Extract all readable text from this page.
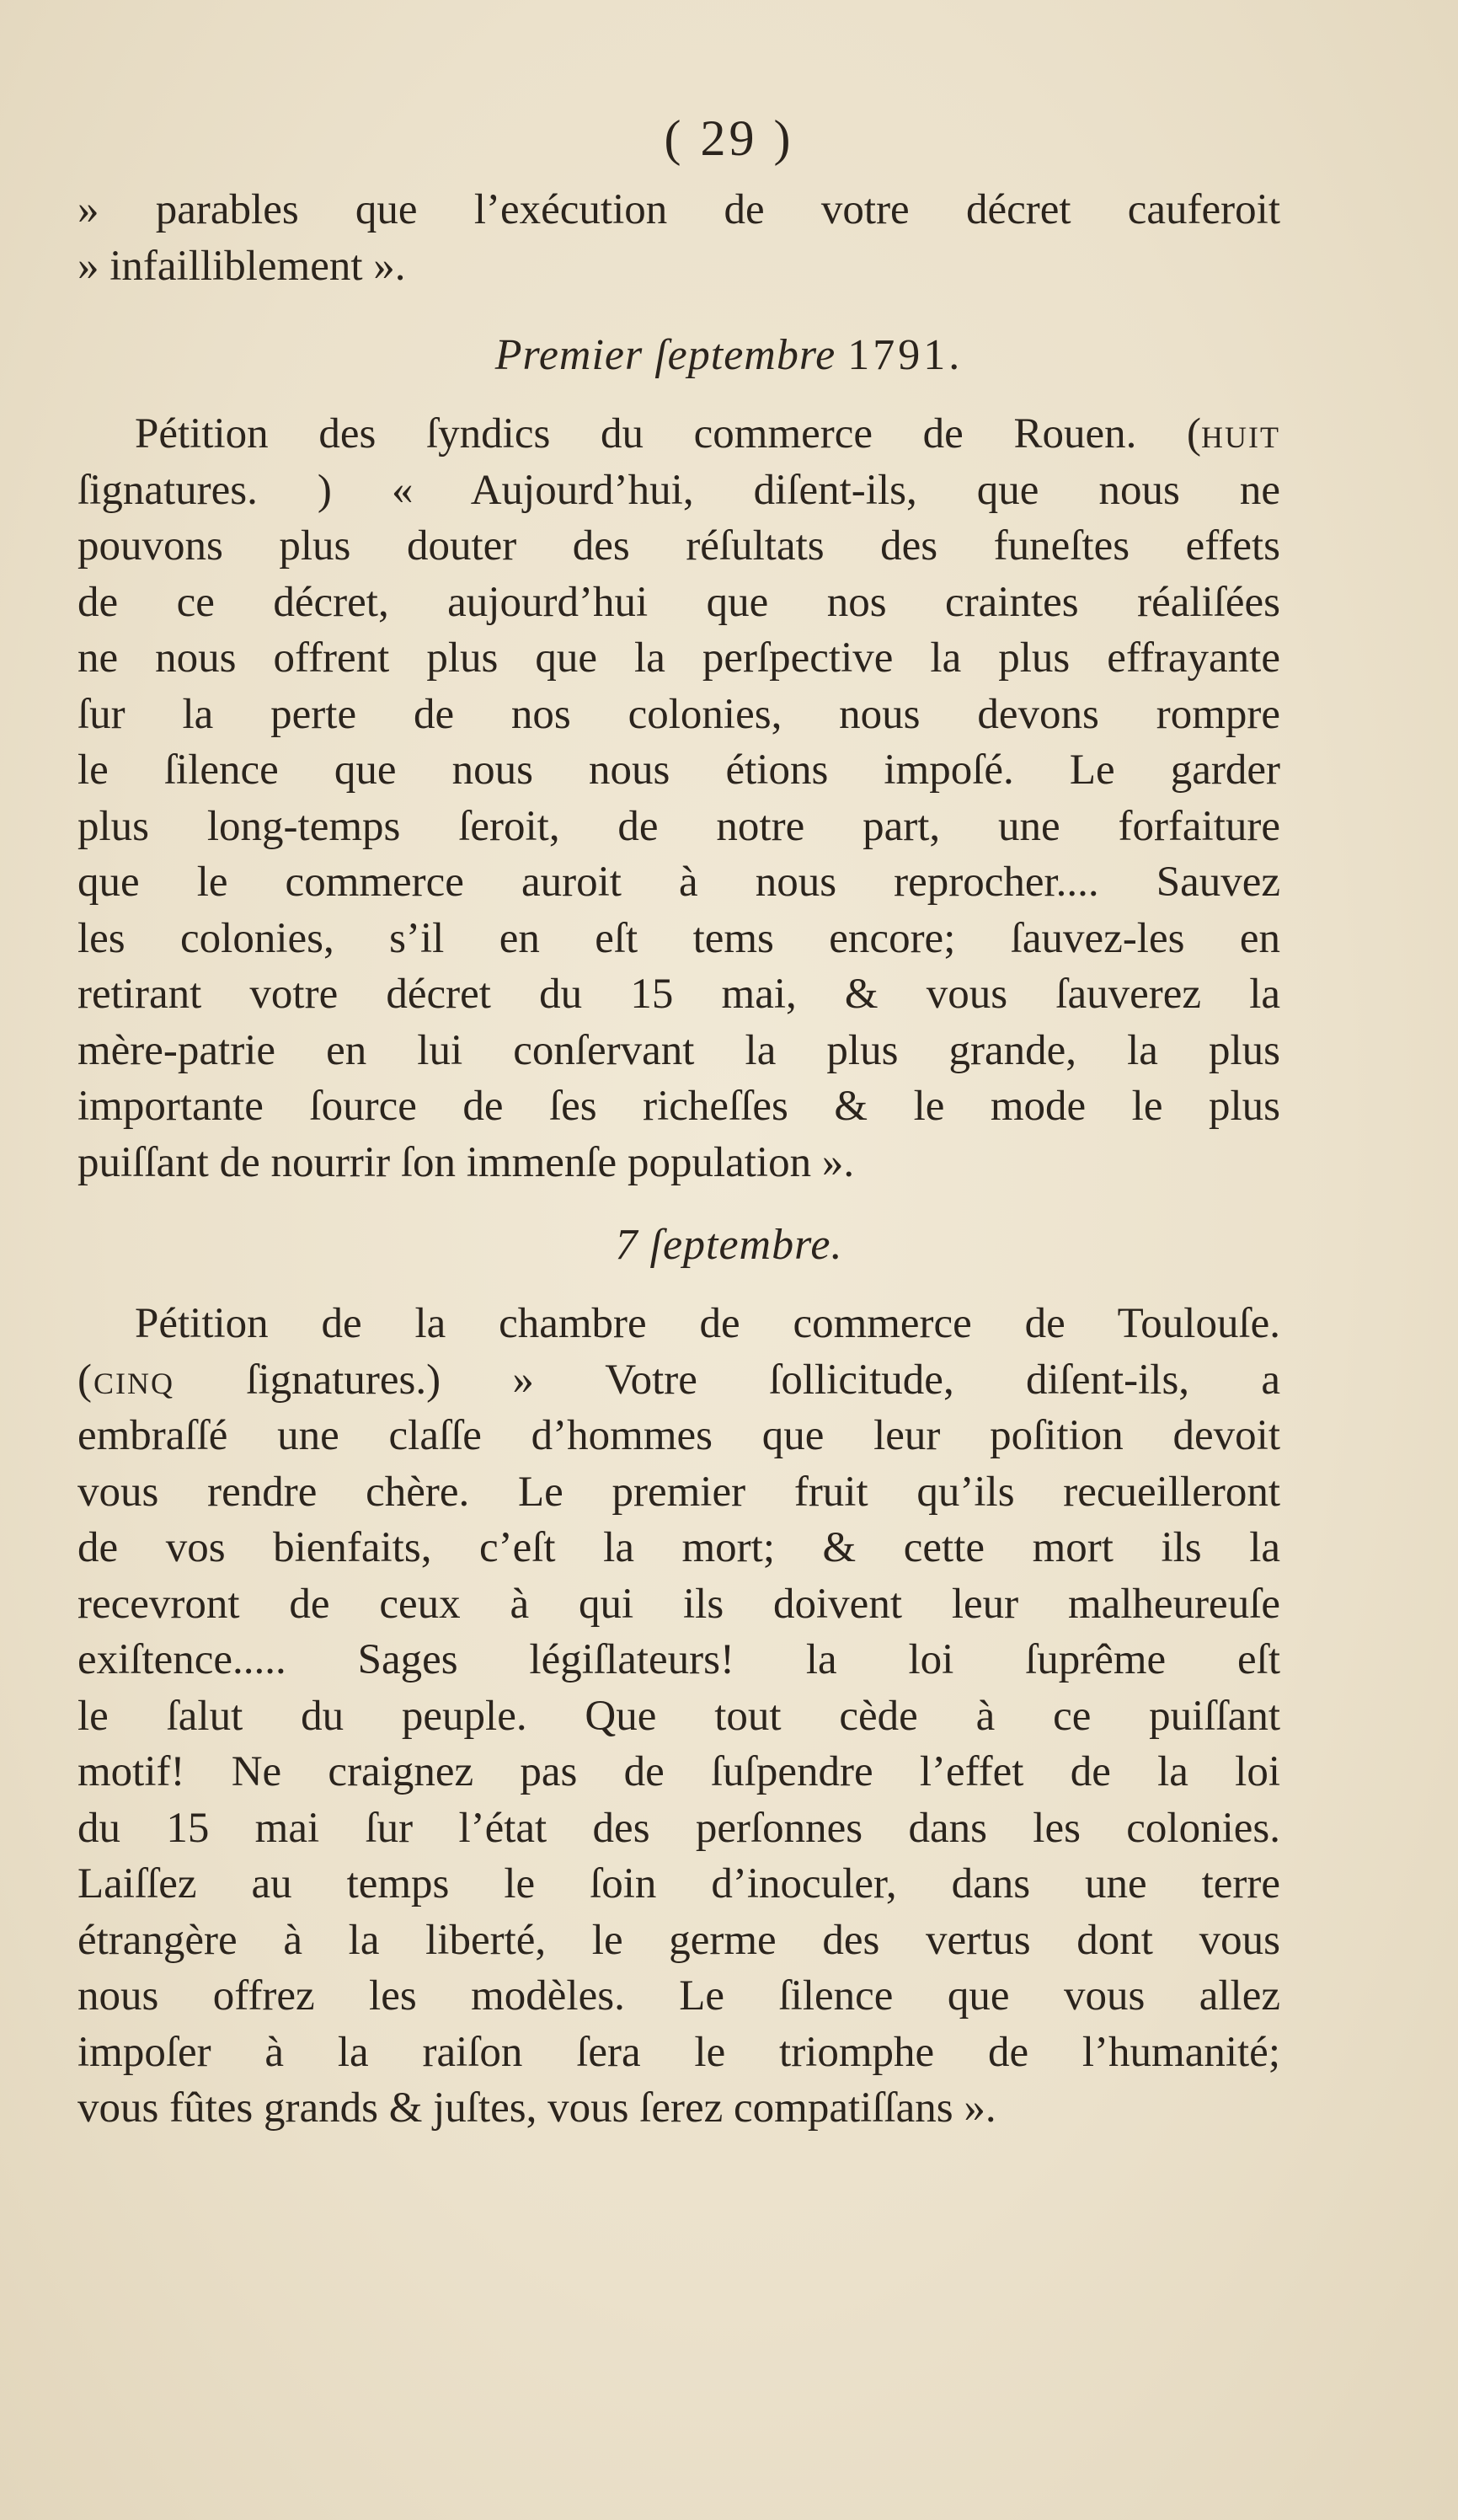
( 29 )
» parables que l’exécution de votre décret cauferoit
» infailliblement ».
Premier ſeptembre 1791.
Pétition des ſyndics du commerce de Rouen. (huit
ſignatures. ) « Aujourd’hui, diſent-ils, que nous ne
pouvons plus douter des réſultats des funeſtes effets
de ce décret, aujourd’hui que nos craintes réaliſées
ne nous offrent plus que la perſpective la plus effrayante
ſur la perte de nos colonies, nous devons rompre
le ſilence que nous nous étions impoſé. Le garder
plus long-temps ſeroit, de notre part, une forfaiture
que le commerce auroit à nous reprocher.... Sauvez
les colonies, s’il en eſt tems encore; ſauvez-les en
retirant votre décret du 15 mai, & vous ſauverez la
mère-patrie en lui conſervant la plus grande, la plus
importante ſource de ſes richeſſes & le mode le plus
puiſſant de nourrir ſon immenſe population ».
7 ſeptembre.
Pétition de la chambre de commerce de Toulouſe.
(cinq ſignatures.) » Votre ſollicitude, diſent-ils, a
embraſſé une claſſe d’hommes que leur poſition devoit
vous rendre chère. Le premier fruit qu’ils recueilleront
de vos bienfaits, c’eſt la mort; & cette mort ils la
recevront de ceux à qui ils doivent leur malheureuſe
exiſtence..... Sages légiſlateurs! la loi ſuprême eſt
le ſalut du peuple. Que tout cède à ce puiſſant
motif! Ne craignez pas de ſuſpendre l’effet de la loi
du 15 mai ſur l’état des perſonnes dans les colonies.
Laiſſez au temps le ſoin d’inoculer, dans une terre
étrangère à la liberté, le germe des vertus dont vous
nous offrez les modèles. Le ſilence que vous allez
impoſer à la raiſon ſera le triomphe de l’humanité;
vous fûtes grands & juſtes, vous ſerez compatiſſans ».
